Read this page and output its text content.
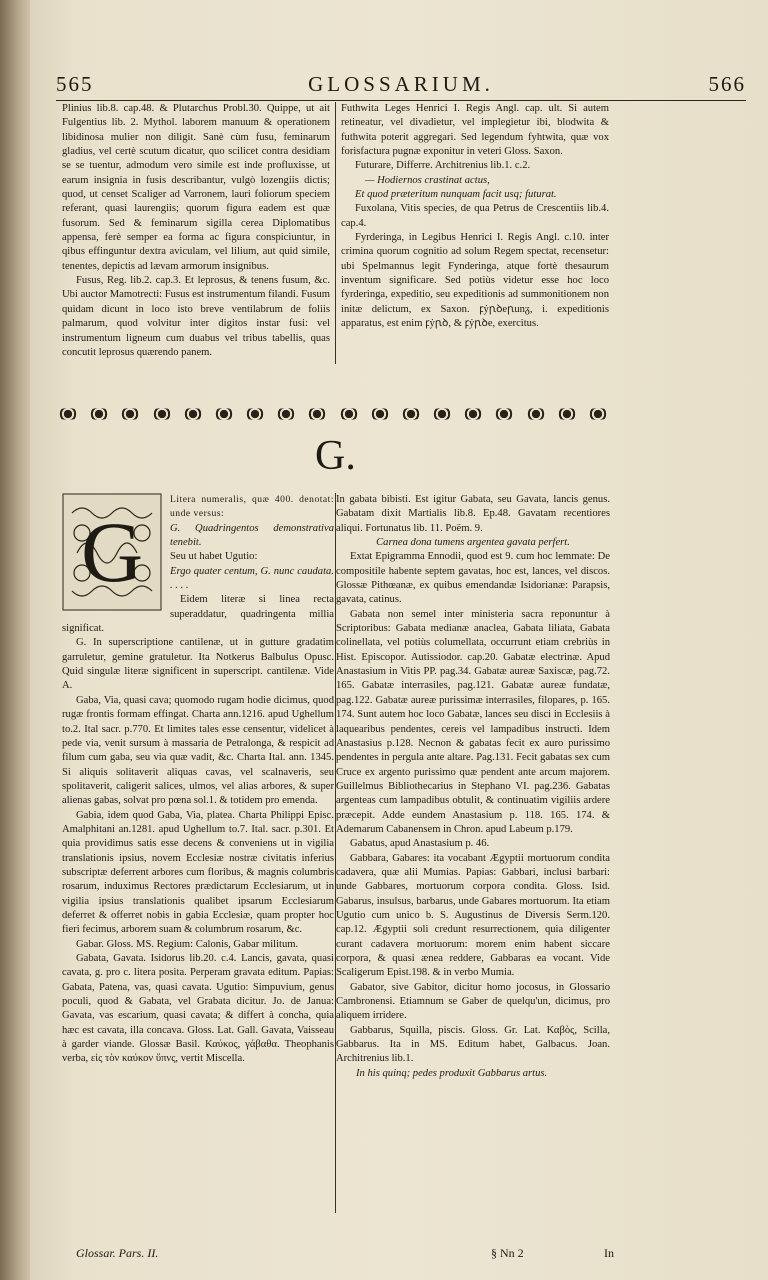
565	GLOSSARIUM.	566

Plinius lib.8. cap.48. & Plutarchus Probl.30. Quippe, ut ait Fulgentius lib. 2. Mythol. laborem manuum & operationem libidinosa mulier non diligit. Sanè cùm fusu, feminarum gladius, vel certè scutum dicatur, quo scilicet contra desidiam se se tuentur, admodum vero simile est inde profluxisse, ut earum insignia in fusis describantur, vulgò lozengiis dictis; quod, ut censet Scaliger ad Varronem, lauri foliorum speciem referant, quasi laurengiis; quorum figura eadem est quæ fusorum. Sed & feminarum sigilla cerea Diplomatibus appensa, ferè semper ea forma ac figura conspiciuntur, in qibus effinguntur dextra aviculam, vel lilium, aut quid simile, tenentes, depictis ad lævam armorum insignibus.

Fusus, Reg. lib.2. cap.3. Et leprosus, & tenens fusum, &c. Ubi auctor Mamotrecti: Fusus est instrumentum filandi. Fusum quidam dicunt in loco isto breve ventilabrum de foliis palmarum, quod volvitur inter digitos instar fusi: vel instrumentum ligneum cum duabus vel tribus tabellis, quas concutit leprosus quærendo panem.

Futhwita Leges Henrici I. Regis Angl. cap. ult. Si autem retineatur, vel divadietur, vel implegietur ibi, blodwita & futhwita poterit aggregari. Sed legendum fyhtwita, quæ vox forisfactura pugnæ exponitur in veteri Gloss. Saxon.

Futurare, Differre. Architrenius lib.1. c.2.

— Hodiernos crastinat actus,

Et quod præteritum nunquam facit usq; futurat.

Fuxolana, Vitis species, de qua Petrus de Crescentiis lib.4. cap.4.

Fyrderinga, in Legibus Henrici I. Regis Angl. c.10. inter crimina quorum cognitio ad solum Regem spectat, recensetur: ubi Spelmannus legit Fynderinga, atque fortè thesaurum inventum significare. Sed potiùs videtur esse hoc loco fyrderinga, expeditio, seu expeditionis ad summonitionem non initæ delictum, ex Saxon. ꝼẏꞃꝺeꞃunᵹ, i. expeditionis apparatus, est enim ꝼẏꞃꝺ, & ꝼẏꞃꝺe, exercitus.

G.
G

Litera numeralis, quæ 400. denotat: unde versus:

G. Quadringentos demonstrativa tenebit.

Seu ut habet Ugutio:

Ergo quater centum, G. nunc caudata. . . . .

Eidem literæ si linea recta superaddatur, quadringenta millia significat.

G. In superscriptione cantilenæ, ut in gutture gradatim garruletur, gemine gratuletur. Ita Notkerus Balbulus Opusc. Quid singulæ literæ significent in superscript. cantilenæ. Vide A.

Gaba, Via, quasi cava; quomodo rugam hodie dicimus, quod rugæ frontis formam effingat. Charta ann.1216. apud Ughellum to.2. Ital sacr. p.770. Et limites tales esse censentur, videlicet à pede via, venit sursum à massaria de Petralonga, & respicit ad filum cum gaba, seu via quæ vadit, &c. Charta Ital. ann. 1345. Si aliquis solitaverit aliquas cavas, vel scalnaveris, seu spolitaverit, caligerit salices, ulmos, vel alias arbores, & super alienas gabas, solvat pro pœna sol.1. & totidem pro emenda.

Gabia, idem quod Gaba, Via, platea. Charta Philippi Episc. Amalphitani an.1281. apud Ughellum to.7. Ital. sacr. p.301. Et quia providimus satis esse decens & conveniens ut in vigilia translationis ipsius, novem Ecclesiæ nostræ civitatis inferius subscriptæ deferrent arbores cum floribus, & magnis columbris rosarum, induximus Rectores prædictarum Ecclesiarum, ut in vigilia ipsius translationis qualibet ipsarum Ecclesiarum deferret & offerret nobis in gabia Ecclesiæ, quam propter hoc fieri fecimus, arborem suam & columbrum rosarum, &c.

Gabar. Gloss. MS. Regium: Calonis, Gabar militum.

Gabata, Gavata. Isidorus lib.20. c.4. Lancis, gavata, quasi cavata, g. pro c. litera posita. Perperam gravata editum. Papias: Gabata, Patena, vas, quasi cavata. Ugutio: Simpuvium, genus poculi, quod & Gabata, vel Grabata dicitur. Jo. de Janua: Gavata, vas escarium, quasi cavata; & differt à concha, quia hæc est cavata, illa concava. Gloss. Lat. Gall. Gavata, Vaisseau à garder viande. Glossæ Basil. Καύκος, γάβαθα. Theophanis verba, εἰς τὸν καύκον ὕπνς, vertit Miscella.

In gabata bibisti. Est igitur Gabata, seu Gavata, lancis genus. Gabatam dixit Martialis lib.8. Ep.48. Gavatam recentiores aliqui. Fortunatus lib. 11. Poëm. 9.

Carnea dona tumens argentea gavata perfert.

Extat Epigramma Ennodii, quod est 9. cum hoc lemmate: De compositile habente septem gavatas, hoc est, lances, vel discos. Glossæ Pithœanæ, ex quibus emendandæ Isidorianæ: Parapsis, gavata, catinus.

Gabata non semel inter ministeria sacra reponuntur à Scriptoribus: Gabata medianæ anaclea, Gabata liliata, Gabata colinellata, vel potiùs columellata, occurrunt etiam crebriùs in Hist. Episcopor. Autissiodor. cap.20. Gabatæ electrinæ. Apud Anastasium in Vitis PP. pag.34. Gabatæ aureæ Saxiscæ, pag.72. 165. Gabatæ interrasiles, pag.121. Gabatæ aureæ fundatæ, pag.122. Gabatæ aureæ purissimæ interrasiles, filopares, p. 165. 174. Sunt autem hoc loco Gabatæ, lances seu disci in Ecclesiis à laquearibus pendentes, cereis vel lampadibus instructi. Idem Anastasius p.128. Necnon & gabatas fecit ex auro purissimo pendentes in pergula ante altare. Pag.131. Fecit gabatas sex cum Cruce ex argento purissimo quæ pendent ante arcum majorem. Guillelmus Bibliothecarius in Stephano VI. pag.236. Gabatas argenteas cum lampadibus obtulit, & continuatim vigiliis ardere præcepit. Adde eundem Anastasium p. 118. 165. 174. & Ademarum Cabanensem in Chron. apud Labeum p.179.

Gabatus, apud Anastasium p. 46.

Gabbara, Gabares: ita vocabant Ægyptii mortuorum condita cadavera, quæ alii Mumias. Papias: Gabbari, inclusi barbari: unde Gabbares, mortuorum corpora condita. Gloss. Isid. Gabarus, insulsus, barbarus, unde Gabares mortuorum. Ita etiam Ugutio cum unico b. S. Augustinus de Diversis Serm.120. cap.12. Ægyptii soli credunt resurrectionem, quia diligenter curant cadavera mortuorum: morem enim habent siccare corpora, & quasi ænea reddere, Gabbaras ea vocant. Vide Scaligerum Epist.198. & in verbo Mumia.

Gabator, sive Gabitor, dicitur homo jocosus, in Glossario Cambronensi. Etiamnum se Gaber de quelqu'un, dicimus, pro aliquem irridere.

Gabbarus, Squilla, piscis. Gloss. Gr. Lat. Καβὸς, Scilla, Gabbarus. Ita in MS. Editum habet, Galbacus. Joan. Architrenius lib.1.

In his quinq; pedes produxit Gabbarus artus.

Glossar. Pars. II.	§ Nn 2	In
